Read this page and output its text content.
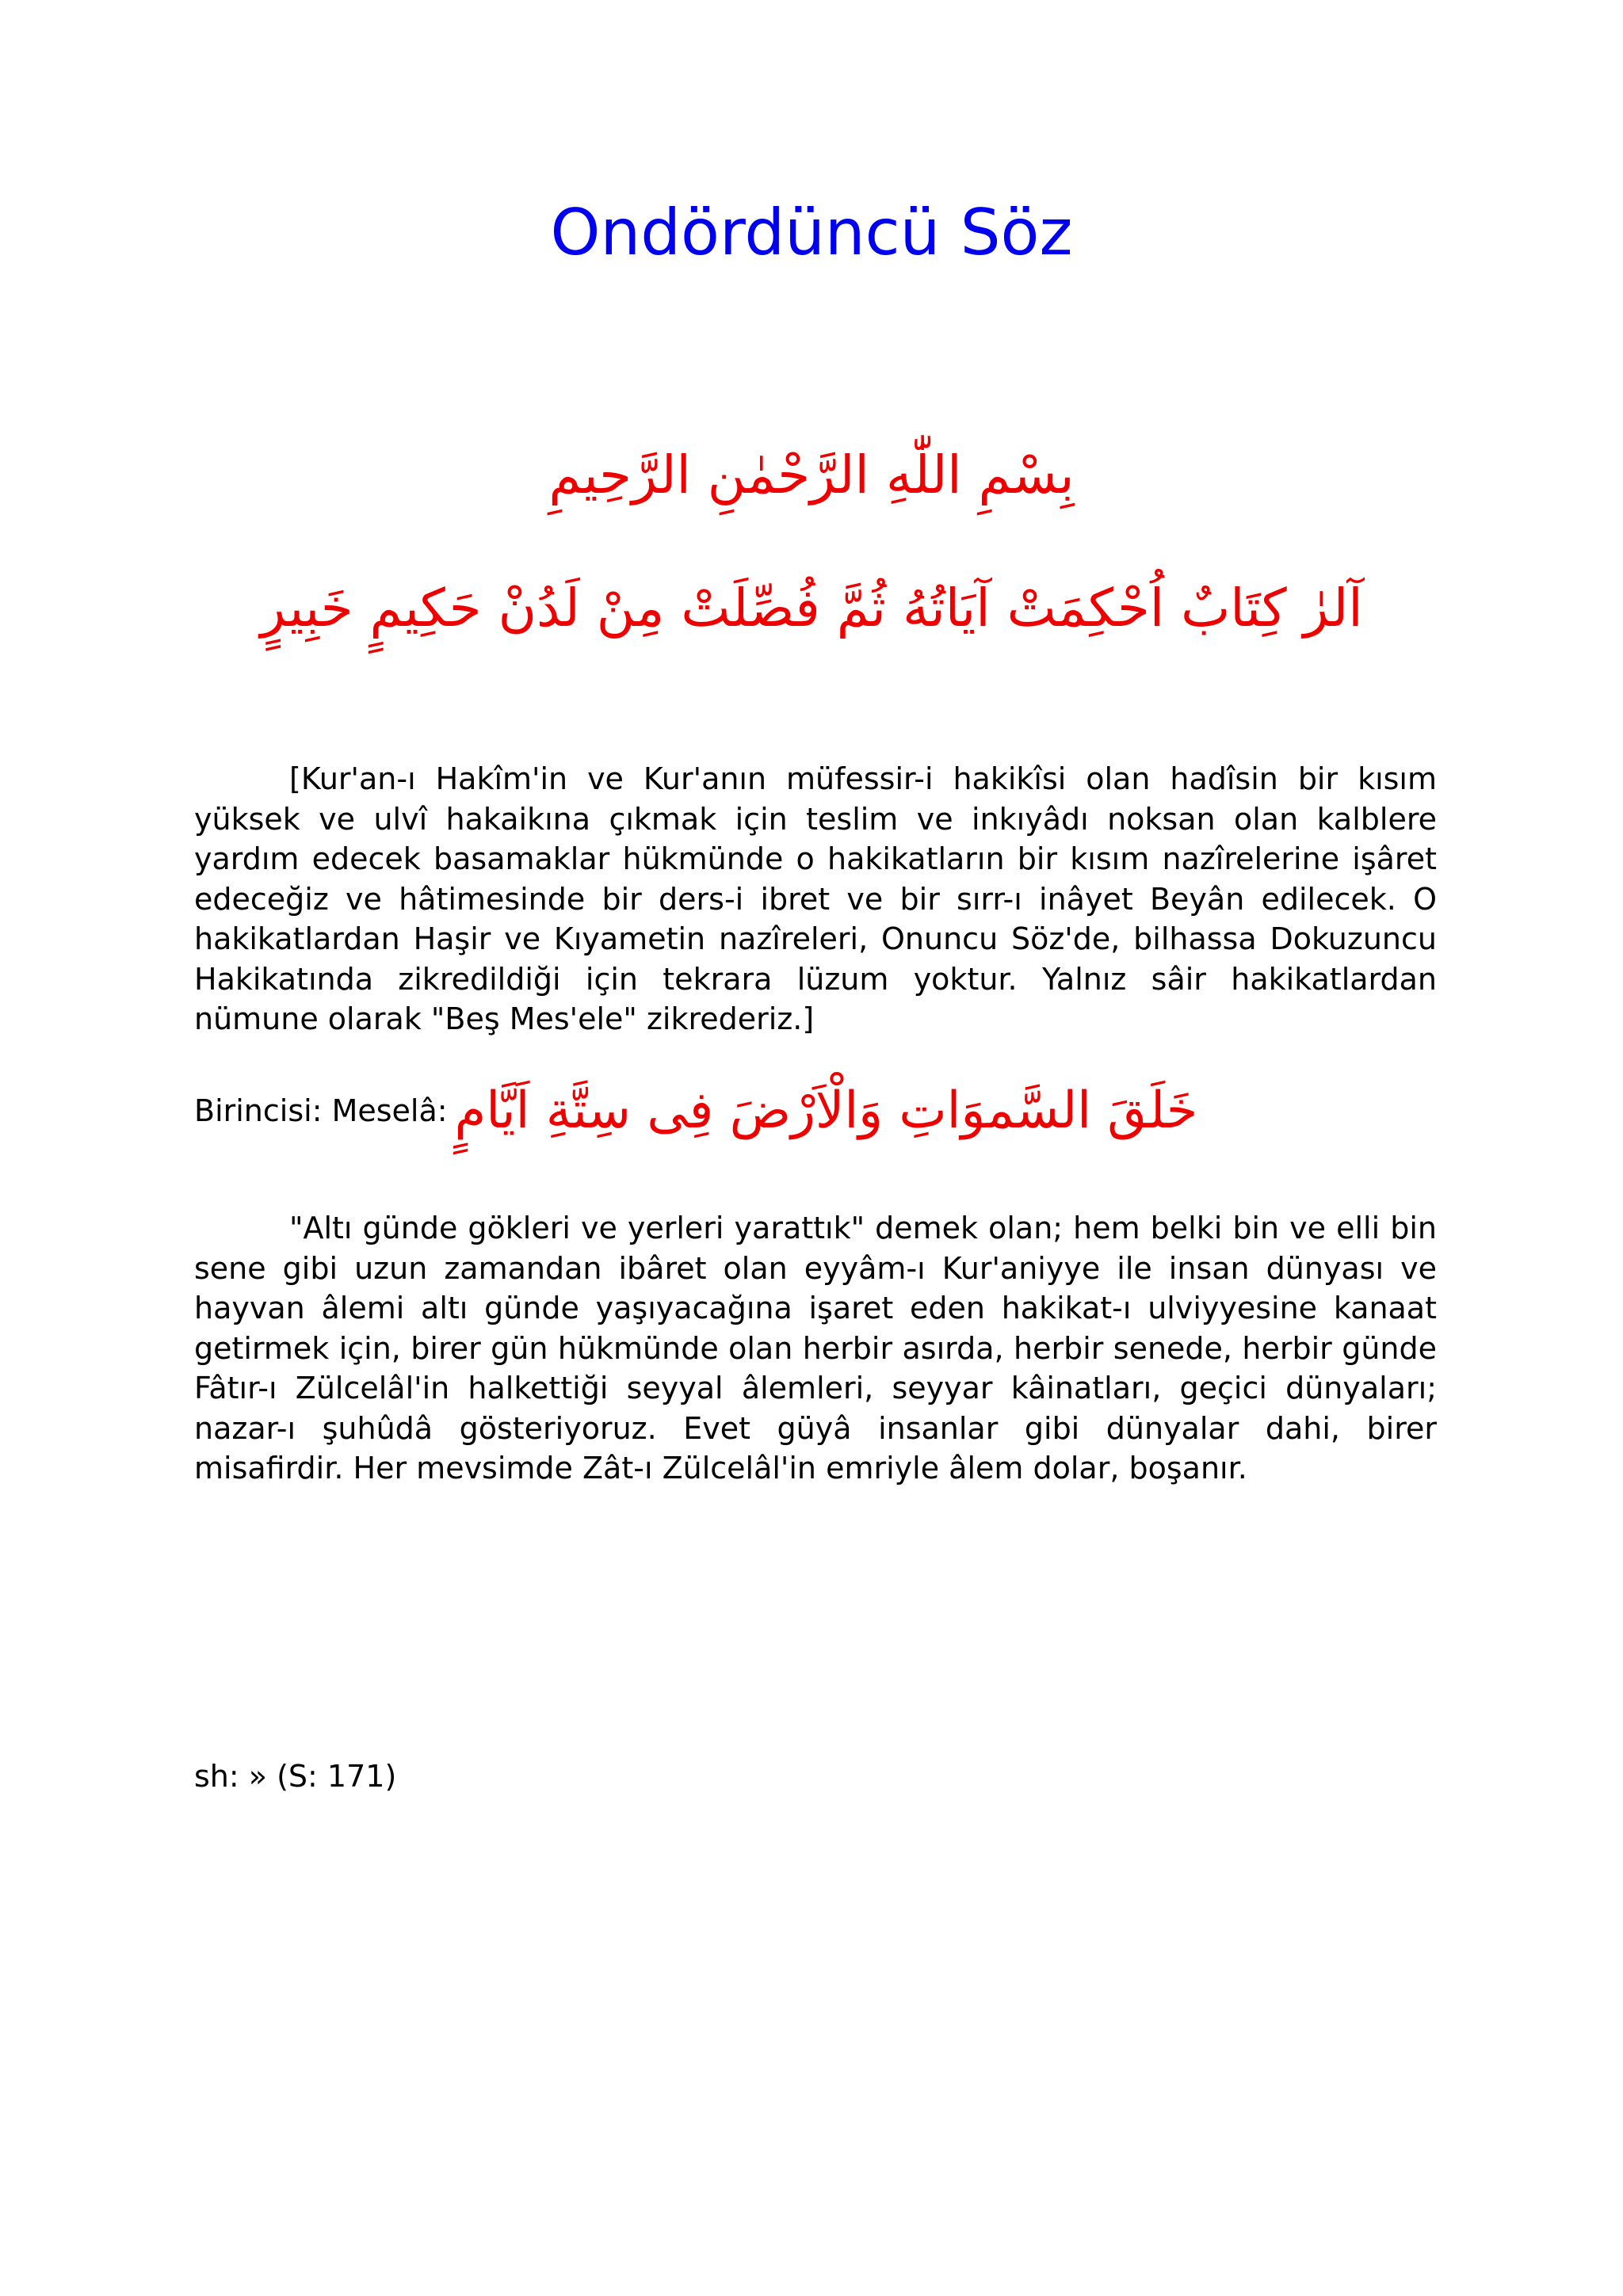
Ondördüncü Söz
بِسْمِ اللّٰهِ الرَّحْمٰنِ الرَّحِيمِ
آلرٰ كِتَابٌ اُحْكِمَتْ آيَاتُهُ ثُمَّ فُصِّلَتْ مِنْ لَدُنْ حَكِيمٍ خَبِيرٍ

[Kur'an-ı Hakîm'in ve Kur'anın müfessir-i hakikîsi olan hadîsin bir kısım yüksek ve ulvî hakaikına çıkmak için teslim ve inkıyâdı noksan olan kalblere yardım edecek basamaklar hükmünde o hakikatların bir kısım nazîrelerine işâret edeceğiz ve hâtimesinde bir ders-i ibret ve bir sırr-ı inâyet Beyân edilecek. O hakikatlardan Haşir ve Kıyametin nazîreleri, Onuncu Söz'de, bilhassa Dokuzuncu Hakikatında zikredildiği için tekrara lüzum yoktur. Yalnız sâir hakikatlardan nümune olarak "Beş Mes'ele" zikrederiz.]

Birincisi: Meselâ: خَلَقَ السَّموَاتِ وَالْاَرْضَ فِى سِتَّةِ اَيَّامٍ

"Altı günde gökleri ve yerleri yarattık" demek olan; hem belki bin ve elli bin sene gibi uzun zamandan ibâret olan eyyâm-ı Kur'aniyye ile insan dünyası ve hayvan âlemi altı günde yaşıyacağına işaret eden hakikat-ı ulviyyesine kanaat getirmek için, birer gün hükmünde olan herbir asırda, herbir senede, herbir günde Fâtır-ı Zülcelâl'in halkettiği seyyal âlemleri, seyyar kâinatları, geçici dünyaları; nazar-ı şuhûdâ gösteriyoruz. Evet güyâ insanlar gibi dünyalar dahi, birer misafirdir. Her mevsimde Zât-ı Zülcelâl'in emriyle âlem dolar, boşanır.

sh: » (S: 171)
